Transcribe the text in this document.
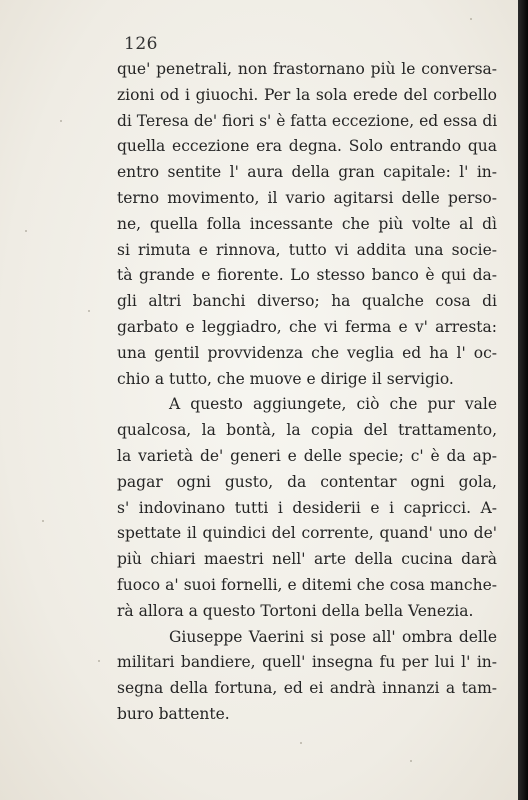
126
que' penetrali, non frastornano più le conversa-
zioni od i giuochi. Per la sola erede del corbello
di Teresa de' fiori s' è fatta eccezione, ed essa di
quella eccezione era degna. Solo entrando qua
entro sentite l' aura della gran capitale: l' in-
terno movimento, il vario agitarsi delle perso-
ne, quella folla incessante che più volte al dì
si rimuta e rinnova, tutto vi addita una socie-
tà grande e fiorente. Lo stesso banco è qui da-
gli altri banchi diverso; ha qualche cosa di
garbato e leggiadro, che vi ferma e v' arresta:
una gentil provvidenza che veglia ed ha l' oc-
chio a tutto, che muove e dirige il servigio.
A questo aggiungete, ciò che pur vale
qualcosa, la bontà, la copia del trattamento,
la varietà de' generi e delle specie; c' è da ap-
pagar ogni gusto, da contentar ogni gola,
s' indovinano tutti i desiderii e i capricci. A-
spettate il quindici del corrente, quand' uno de'
più chiari maestri nell' arte della cucina darà
fuoco a' suoi fornelli, e ditemi che cosa manche-
rà allora a questo Tortoni della bella Venezia.
Giuseppe Vaerini si pose all' ombra delle
militari bandiere, quell' insegna fu per lui l' in-
segna della fortuna, ed ei andrà innanzi a tam-
buro battente.
